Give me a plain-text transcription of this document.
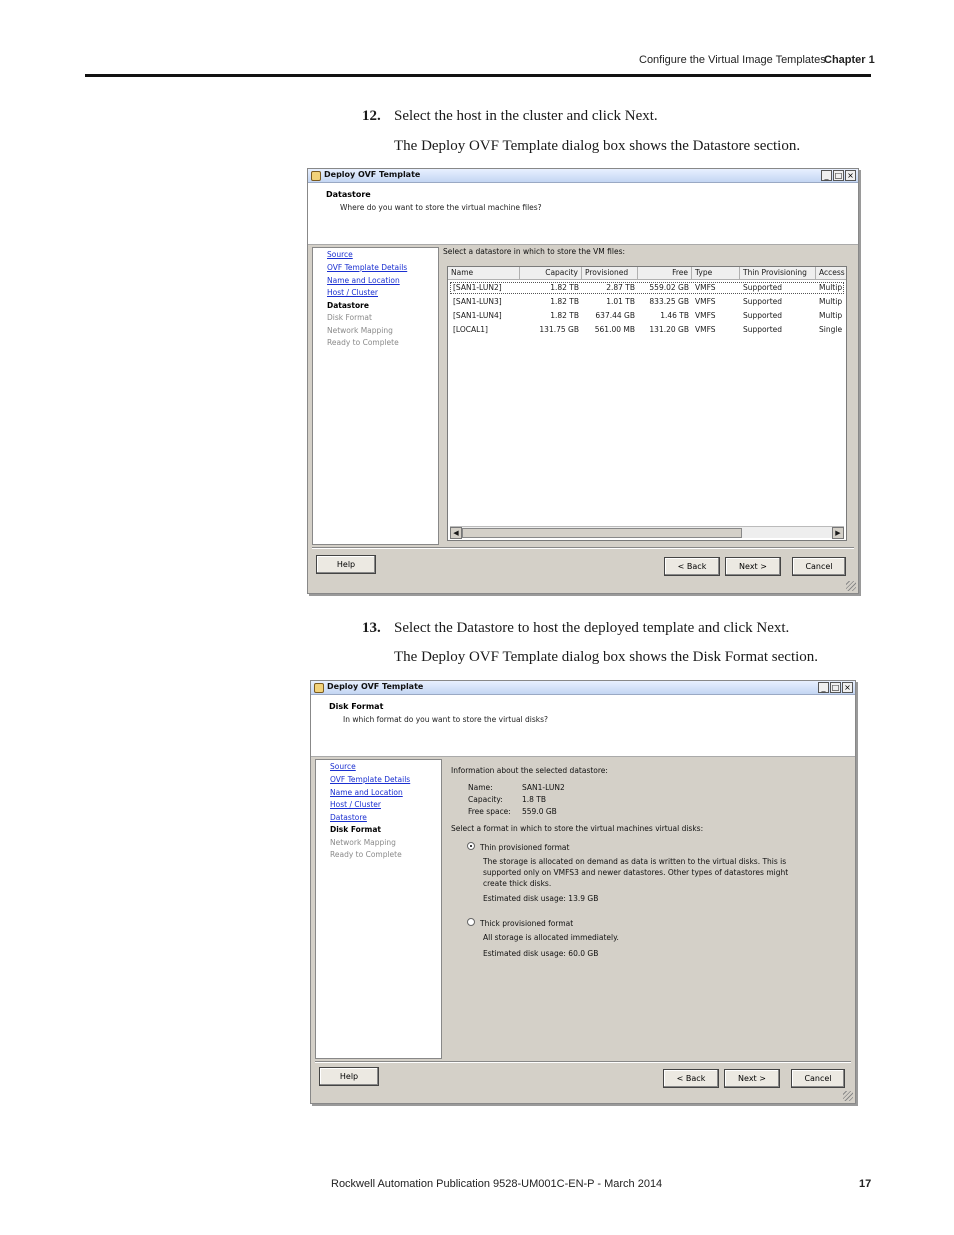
Configure the Virtual Image Templates
Chapter 1
12. Select the host in the cluster and click Next.
The Deploy OVF Template dialog box shows the Datastore section.
Deploy OVF Template	_ □ ×
Datastore
Where do you want to store the virtual machine files?
Source
OVF Template Details
Name and Location
Host / Cluster
Datastore
Disk Format
Network Mapping
Ready to Complete
Select a datastore in which to store the VM files:
Name	Capacity Provisioned	Free Type	Thin Provisioning	Access
[SAN1-LUN2]	1.82 TB	2.87 TB	559.02 GB VMFS	Supported	Multip
[SAN1-LUN3]	1.82 TB	1.01 TB	833.25 GB VMFS	Supported	Multip
[SAN1-LUN4]	1.82 TB	637.44 GB	1.46 TB VMFS	Supported	Multip
[LOCAL1]	131.75 GB	561.00 MB	131.20 GB VMFS	Supported	Single
◀	▶
Help	< Back	Next >	Cancel
13. Select the Datastore to host the deployed template and click Next.
The Deploy OVF Template dialog box shows the Disk Format section.
Deploy OVF Template	_ □ ×
Disk Format
In which format do you want to store the virtual disks?
Source
OVF Template Details
Name and Location
Host / Cluster
Datastore
Disk Format
Network Mapping
Ready to Complete
Information about the selected datastore:
Name:	SAN1-LUN2
Capacity:	1.8 TB
Free space: 559.0 GB
Select a format in which to store the virtual machines virtual disks:
Thin provisioned format
The storage is allocated on demand as data is written to the virtual disks. This is
supported only on VMFS3 and newer datastores. Other types of datastores might
create thick disks.
Estimated disk usage: 13.9 GB
Thick provisioned format
All storage is allocated immediately.
Estimated disk usage: 60.0 GB
Help	< Back	Next >	Cancel
Rockwell Automation Publication 9528-UM001C-EN-P - March 2014	17
